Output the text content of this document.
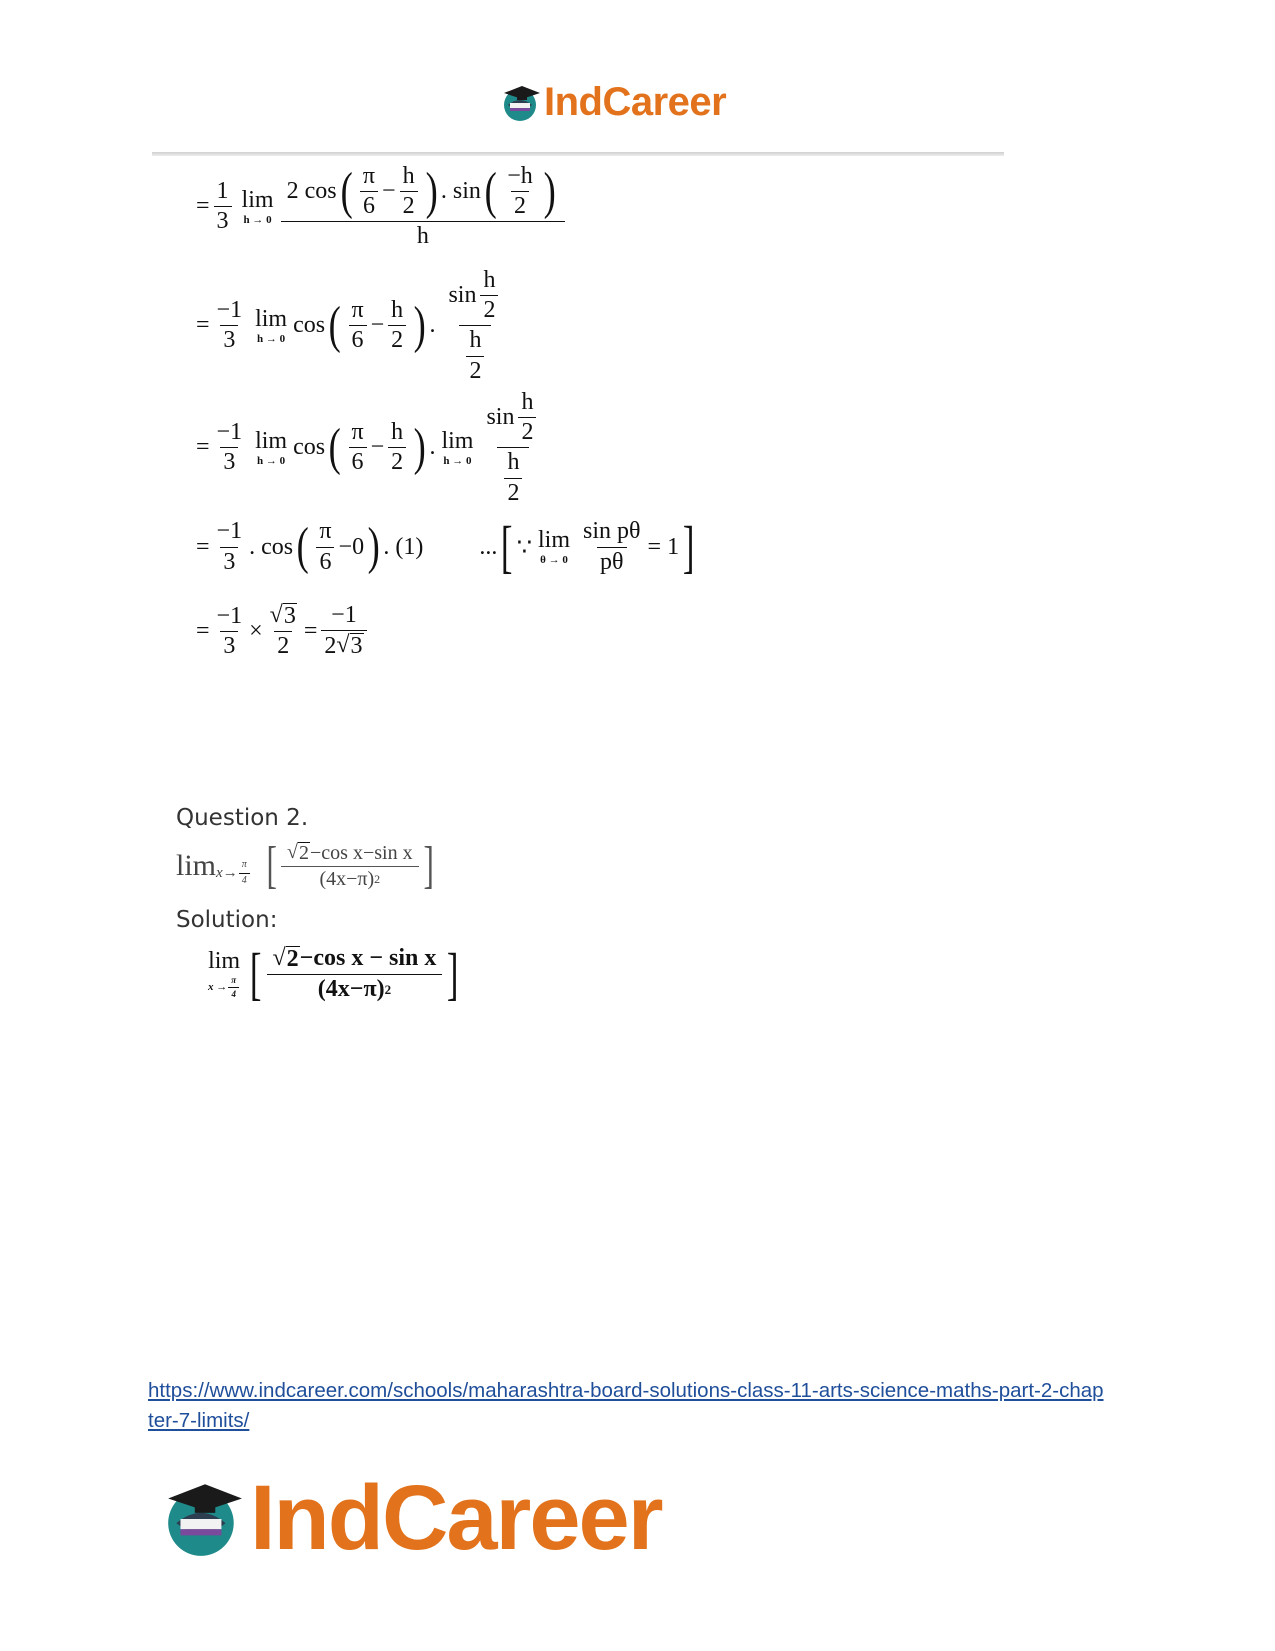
IndCareer
= $\frac{1}{3}$ lim
h → 0
2 cos ( $\frac{\pi}{6} - \frac{h}{2}$ ) . sin ( $\frac{-h}{2}$ )
h
= $\frac{-1}{3}$ lim
h → 0
cos ( $\frac{\pi}{6} - \frac{h}{2}$ ) . $\frac{\sin \frac{h}{2}}{\frac{h}{2}}$
= $\frac{-1}{3}$ lim
h → 0
cos ( $\frac{\pi}{6} - \frac{h}{2}$ ) . lim
$h \to 0 \frac{\sin \frac{h}{2}}{\frac{h}{2}}$
= $\frac{-1}{3}$ . cos ( $\frac{\pi}{6} -0$ ) . (1) ... [ ∵ lim
$\theta \to 0 \frac{\text{sin pθ}}{p\theta} = 1$ ]
= $\frac{-1}{3} \times \frac{√ 3}{2} = \frac{-1}{2 √ 3}$
Question 2.
$\lim x \to \frac{\pi}{4}$ [ $\frac{\text{√ 2 −cos x−sin x}}{(4x-\pi) 2}$ ]
Solution:
lim
$x \to \frac{\pi}{4}$ [ $\frac{\text{√ 2 −cos x − sin x}}{(4x-\pi) 2}$ ]
https://www.indcareer.com/schools/maharashtra-board-solutions-class-11-arts-science-maths-part-2-chapter-7-limits/
IndCareer
